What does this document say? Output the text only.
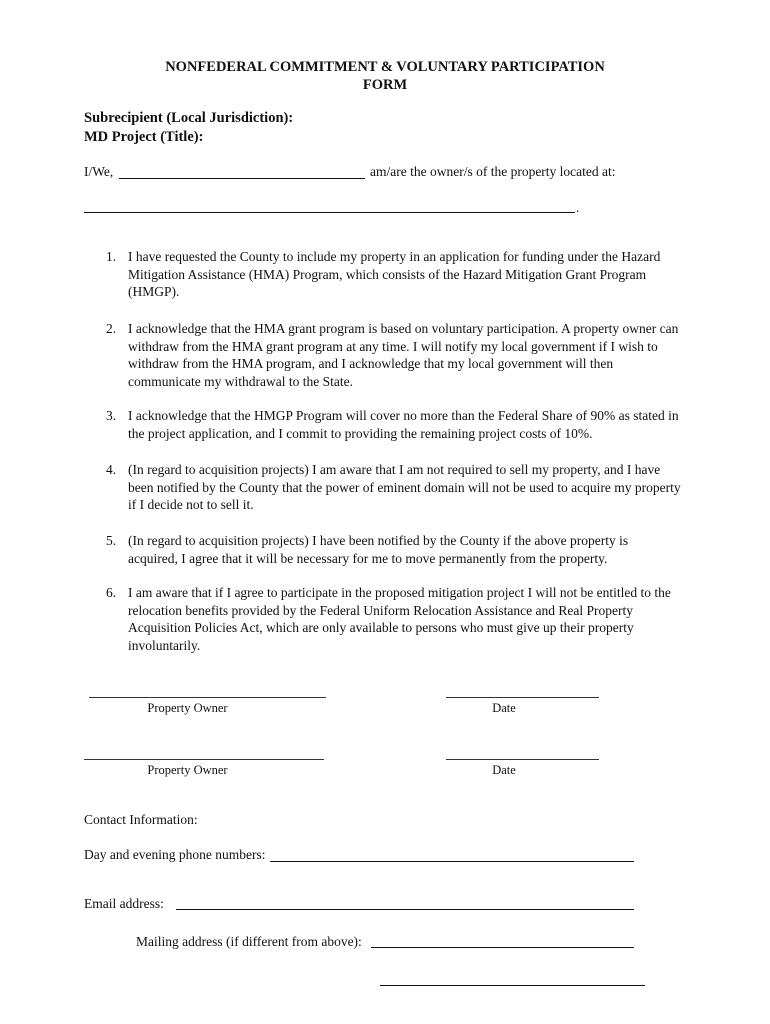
NONFEDERAL COMMITMENT & VOLUNTARY PARTICIPATION
FORM
Subrecipient (Local Jurisdiction):
MD Project (Title):
I/We,	am/are the owner/s of the property located at:
.
1. I have requested the County to include my property in an application for funding under the Hazard Mitigation Assistance (HMA) Program, which consists of the Hazard Mitigation Grant Program (HMGP).
2. I acknowledge that the HMA grant program is based on voluntary participation. A property owner can withdraw from the HMA grant program at any time. I will notify my local government if I wish to withdraw from the HMA program, and I acknowledge that my local government will then communicate my withdrawal to the State.
3. I acknowledge that the HMGP Program will cover no more than the Federal Share of 90% as stated in the project application, and I commit to providing the remaining project costs of 10%.
4. (In regard to acquisition projects) I am aware that I am not required to sell my property, and I have been notified by the County that the power of eminent domain will not be used to acquire my property if I decide not to sell it.
5. (In regard to acquisition projects) I have been notified by the County if the above property is acquired, I agree that it will be necessary for me to move permanently from the property.
6. I am aware that if I agree to participate in the proposed mitigation project I will not be entitled to the relocation benefits provided by the Federal Uniform Relocation Assistance and Real Property Acquisition Policies Act, which are only available to persons who must give up their property involuntarily.
Property Owner	Date
Property Owner	Date
Contact Information:
Day and evening phone numbers:
Email address:
Mailing address (if different from above):
